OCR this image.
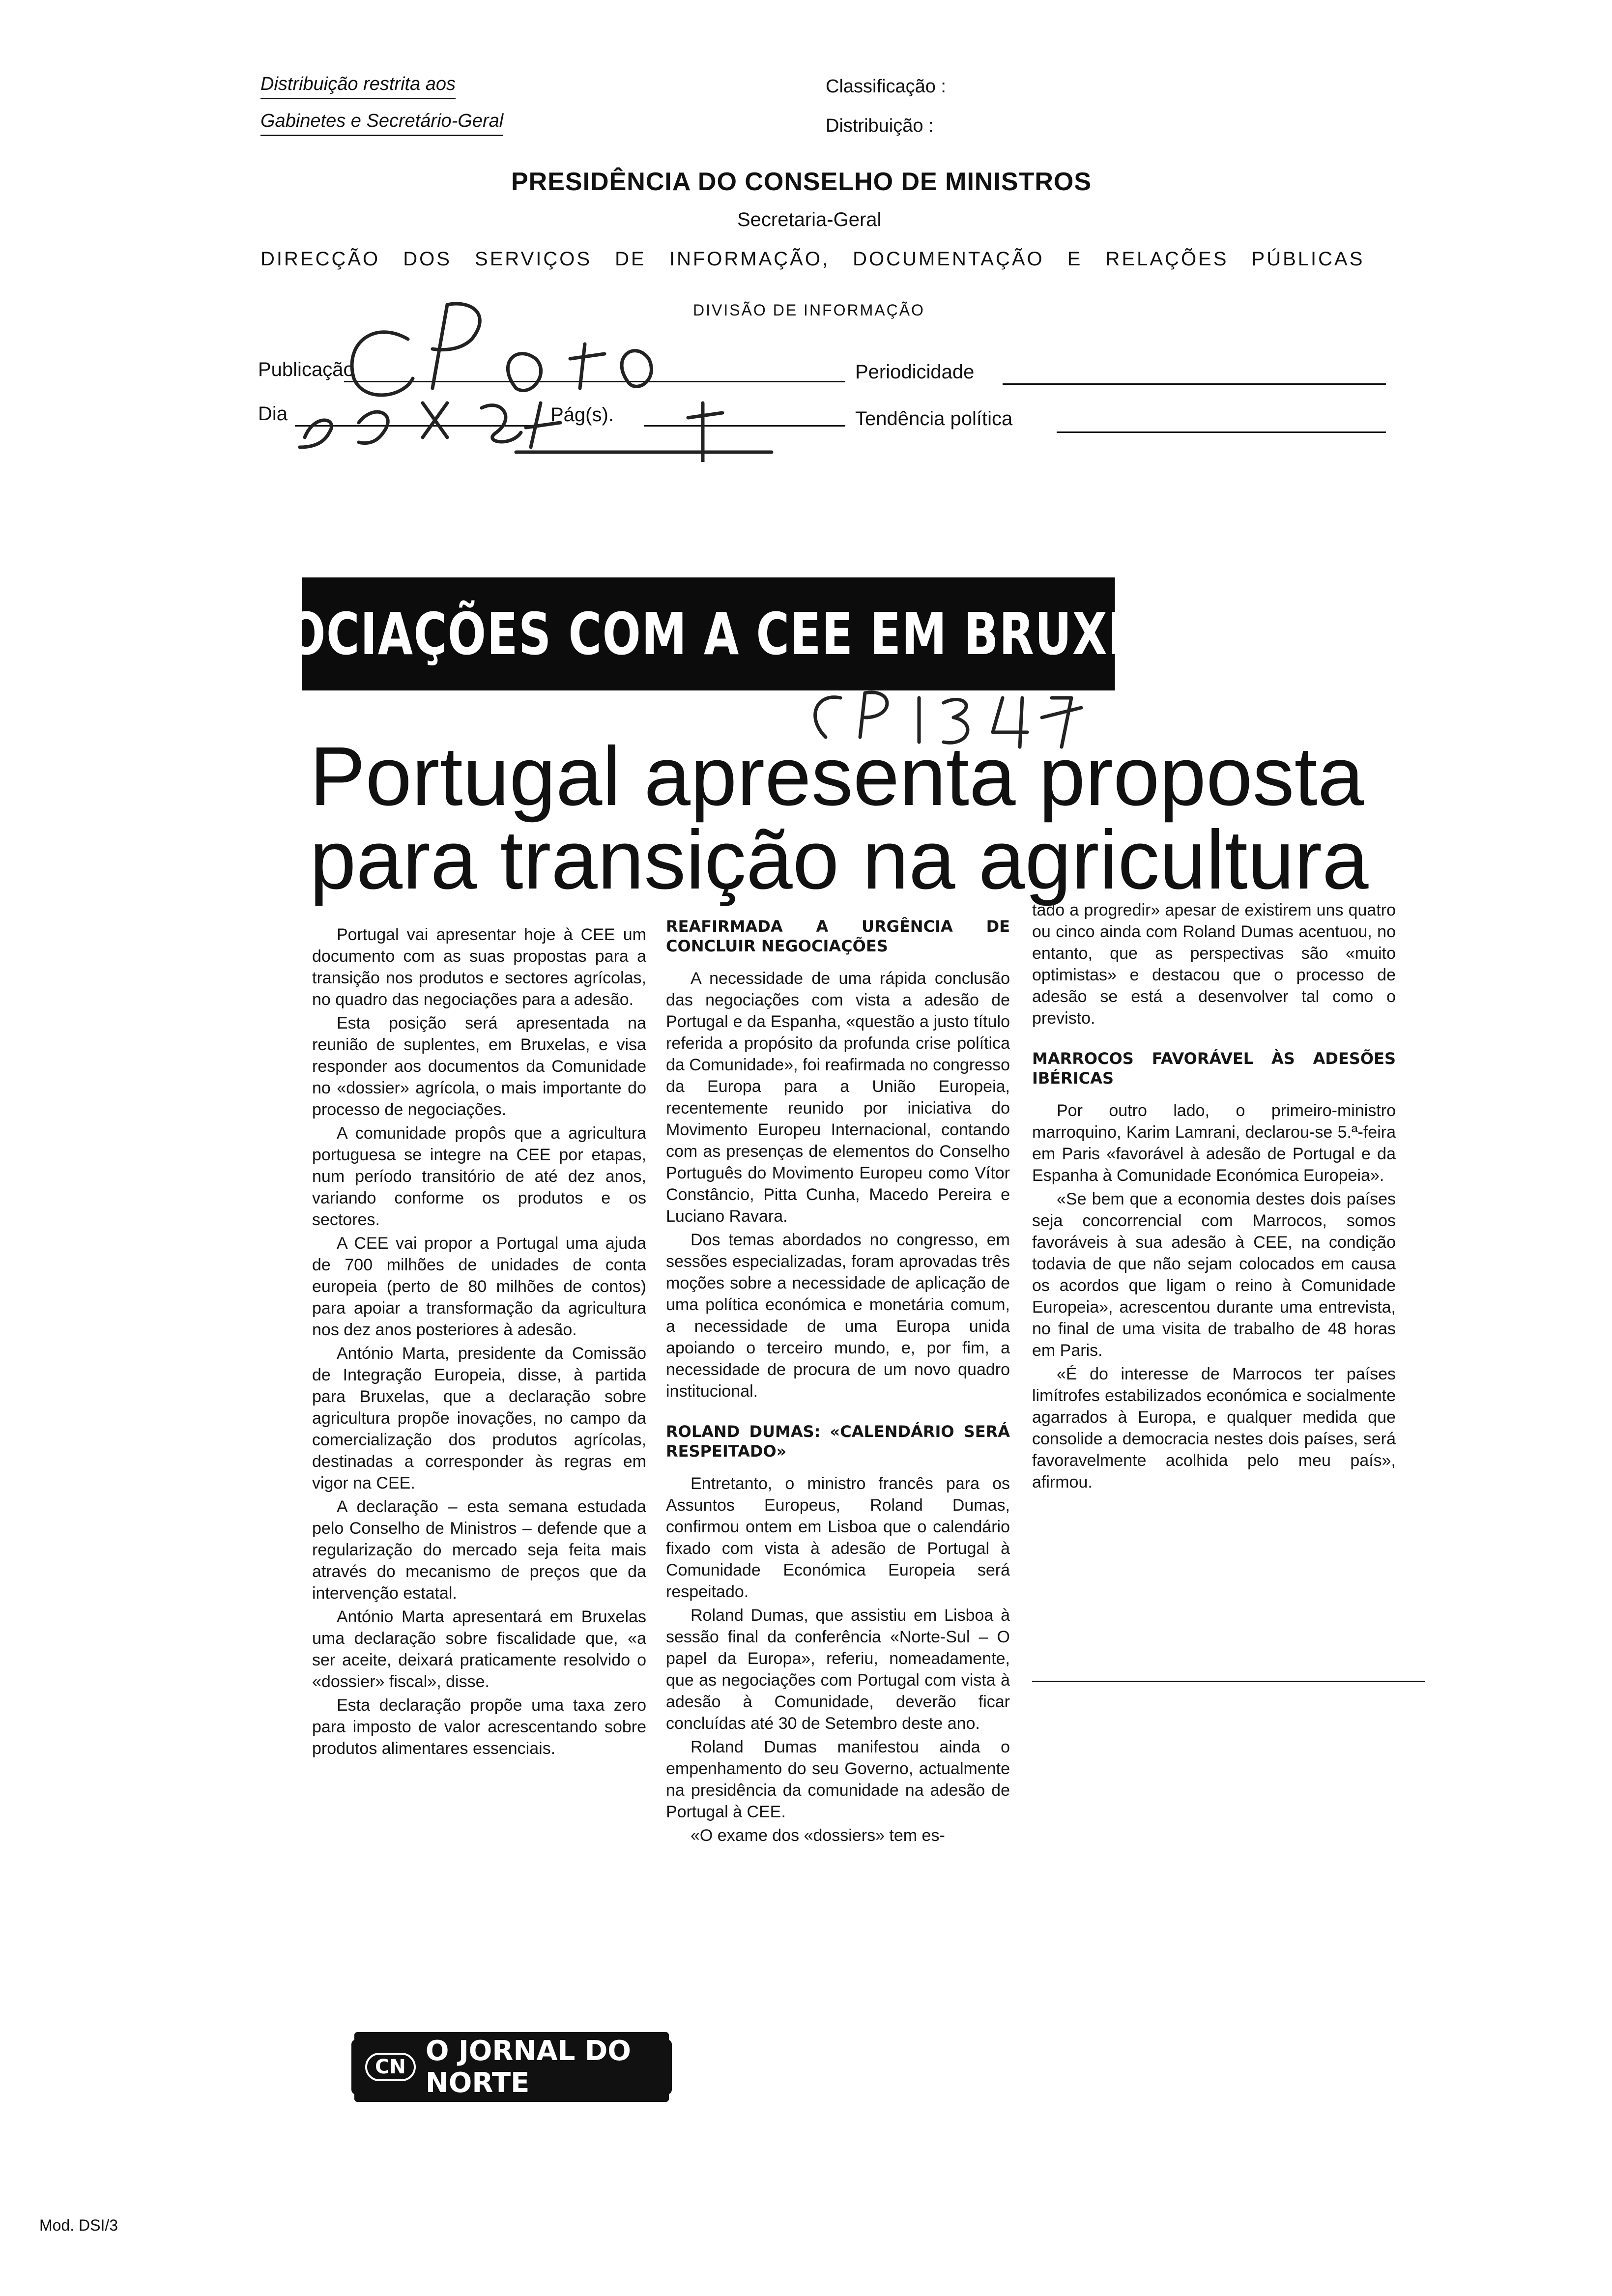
Distribuição restrita aos
Gabinetes e Secretário-Geral
Classificação :
Distribuição :
PRESIDÊNCIA DO CONSELHO DE MINISTROS
Secretaria-Geral
DIRECÇÃO DOS SERVIÇOS DE INFORMAÇÃO, DOCUMENTAÇÃO E RELAÇÕES PÚBLICAS
DIVISÃO DE INFORMAÇÃO
Publicação
Dia	Pág(s).
Periodicidade
Tendência política
NEGOCIAÇÕES COM A CEE EM BRUXELAS
Portugal apresenta proposta
para transição na agricultura

Portugal vai apresentar hoje à CEE um documento com as suas propostas para a transição nos produtos e sectores agrícolas, no quadro das negociações para a adesão.

Esta posição será apresentada na reunião de suplentes, em Bruxelas, e visa responder aos documentos da Comunidade no «dossier» agrícola, o mais importante do processo de negociações.

A comunidade propôs que a agricultura portuguesa se integre na CEE por etapas, num período transitório de até dez anos, variando conforme os produtos e os sectores.

A CEE vai propor a Portugal uma ajuda de 700 milhões de unidades de conta europeia (perto de 80 milhões de contos) para apoiar a transformação da agricultura nos dez anos posteriores à adesão.

António Marta, presidente da Comissão de Integração Europeia, disse, à partida para Bruxelas, que a declaração sobre agricultura propõe inovações, no campo da comercialização dos produtos agrícolas, destinadas a corresponder às regras em vigor na CEE.

A declaração – esta semana estudada pelo Conselho de Ministros – defende que a regularização do mercado seja feita mais através do mecanismo de preços que da intervenção estatal.

António Marta apresentará em Bruxelas uma declaração sobre fiscalidade que, «a ser aceite, deixará praticamente resolvido o «dossier» fiscal», disse.

Esta declaração propõe uma taxa zero para imposto de valor acrescentando sobre produtos alimentares essenciais.

CN O JORNAL DO NORTE
REAFIRMADA A URGÊNCIA DE CONCLUIR NEGOCIAÇÕES

A necessidade de uma rápida conclusão das negociações com vista a adesão de Portugal e da Espanha, «questão a justo título referida a propósito da profunda crise política da Comunidade», foi reafirmada no congresso da Europa para a União Europeia, recentemente reunido por iniciativa do Movimento Europeu Internacional, contando com as presenças de elementos do Conselho Português do Movimento Europeu como Vítor Constâncio, Pitta Cunha, Macedo Pereira e Luciano Ravara.

Dos temas abordados no congresso, em sessões especializadas, foram aprovadas três moções sobre a necessidade de aplicação de uma política económica e monetária comum, a necessidade de uma Europa unida apoiando o terceiro mundo, e, por fim, a necessidade de procura de um novo quadro institucional.

ROLAND DUMAS: «CALENDÁRIO SERÁ RESPEITADO»

Entretanto, o ministro francês para os Assuntos Europeus, Roland Dumas, confirmou ontem em Lisboa que o calendário fixado com vista à adesão de Portugal à Comunidade Económica Europeia será respeitado.

Roland Dumas, que assistiu em Lisboa à sessão final da conferência «Norte-Sul – O papel da Europa», referiu, nomeadamente, que as negociações com Portugal com vista à adesão à Comunidade, deverão ficar concluídas até 30 de Setembro deste ano.

Roland Dumas manifestou ainda o empenhamento do seu Governo, actualmente na presidência da comunidade na adesão de Portugal à CEE.

«O exame dos «dossiers» tem es-

tado a progredir» apesar de existirem uns quatro ou cinco ainda com Roland Dumas acentuou, no entanto, que as perspectivas são «muito optimistas» e destacou que o processo de adesão se está a desenvolver tal como o previsto.

MARROCOS FAVORÁVEL ÀS ADESÕES IBÉRICAS

Por outro lado, o primeiro-ministro marroquino, Karim Lamrani, declarou-se 5.ª-feira em Paris «favorável à adesão de Portugal e da Espanha à Comunidade Económica Europeia».

«Se bem que a economia destes dois países seja concorrencial com Marrocos, somos favoráveis à sua adesão à CEE, na condição todavia de que não sejam colocados em causa os acordos que ligam o reino à Comunidade Europeia», acrescentou durante uma entrevista, no final de uma visita de trabalho de 48 horas em Paris.

«É do interesse de Marrocos ter países limítrofes estabilizados económica e socialmente agarrados à Europa, e qualquer medida que consolide a democracia nestes dois países, será favoravelmente acolhida pelo meu país», afirmou.

Mod. DSI/3
